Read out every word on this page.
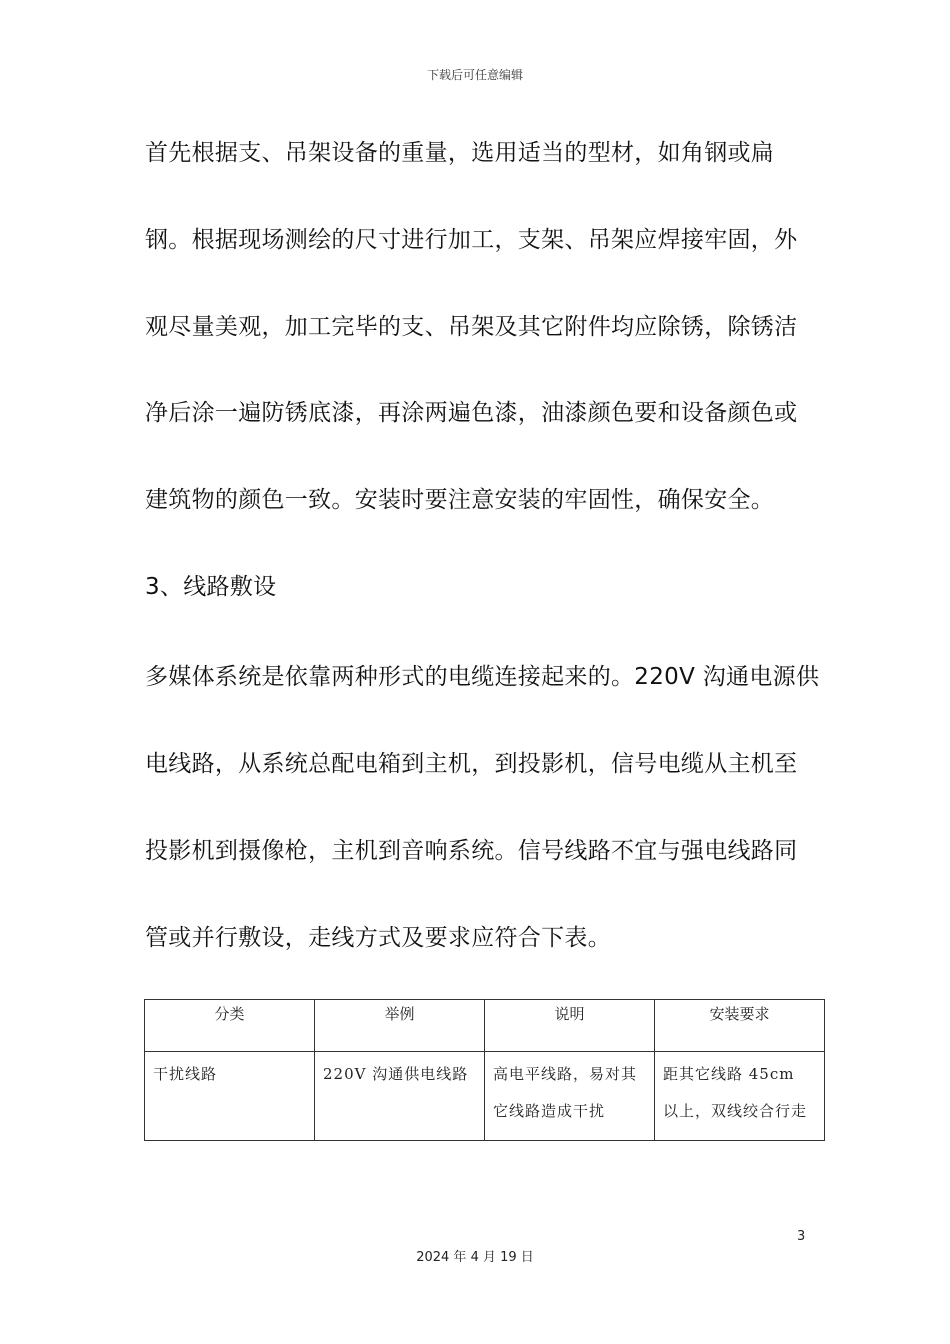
下载后可任意编辑
首先根据支、吊架设备的重量，选用适当的型材，如角钢或扁
钢。根据现场测绘的尺寸进行加工，支架、吊架应焊接牢固，外
观尽量美观，加工完毕的支、吊架及其它附件均应除锈，除锈洁
净后涂一遍防锈底漆，再涂两遍色漆，油漆颜色要和设备颜色或
建筑物的颜色一致。安装时要注意安装的牢固性，确保安全。
3、线路敷设
多媒体系统是依靠两种形式的电缆连接起来的。220V 沟通电源供
电线路，从系统总配电箱到主机，到投影机，信号电缆从主机至
投影机到摄像枪，主机到音响系统。信号线路不宜与强电线路同
管或并行敷设，走线方式及要求应符合下表。
分类	举例	说明	安装要求
干扰线路	220V 沟通供电线路	高电平线路，易对其它线路造成干扰	距其它线路 45cm 以上，双线绞合行走
3
2024 年 4 月 19 日
